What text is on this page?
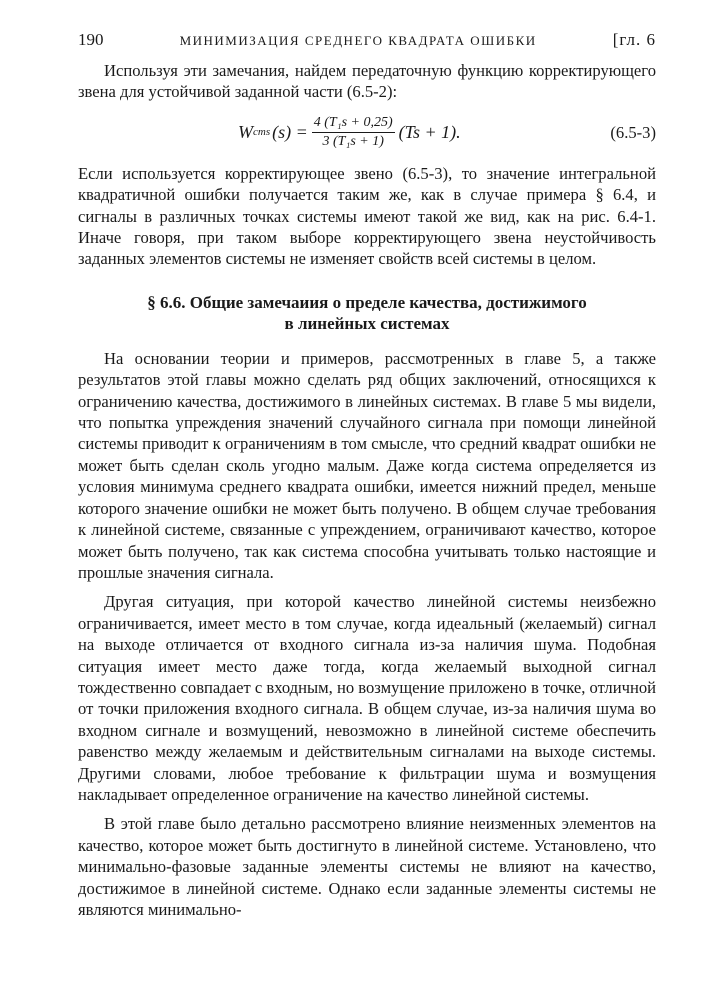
190	МИНИМИЗАЦИЯ СРЕДНЕГО КВАДРАТА ОШИБКИ	[гл. 6

Используя эти замечания, найдем передаточную функцию корректирующего звена для устойчивой заданной части (6.5-2):

W cms $(s) = \frac{\text{4 (T₁s + 0,25)}}{\text{3 (T₁s + 1)}} (Ts + 1)$.	(6.5-3)

Если используется корректирующее звено (6.5-3), то значение интегральной квадратичной ошибки получается таким же, как в случае примера § 6.4, и сигналы в различных точках системы имеют такой же вид, как на рис. 6.4-1. Иначе говоря, при таком выборе корректирующего звена неустойчивость заданных элементов системы не изменяет свойств всей системы в целом.

§ 6.6. Общие замечаиия о пределе качества, достижимого
в линейных системах

На основании теории и примеров, рассмотренных в главе 5, а также результатов этой главы можно сделать ряд общих заключений, относящихся к ограничению качества, достижимого в линейных системах. В главе 5 мы видели, что попытка упреждения значений случайного сигнала при помощи линейной системы приводит к ограничениям в том смысле, что средний квадрат ошибки не может быть сделан сколь угодно малым. Даже когда система определяется из условия минимума среднего квадрата ошибки, имеется нижний предел, меньше которого значение ошибки не может быть получено. В общем случае требования к линейной системе, связанные с упреждением, ограничивают качество, которое может быть получено, так как система способна учитывать только настоящие и прошлые значения сигнала.

Другая ситуация, при которой качество линейной системы неизбежно ограничивается, имеет место в том случае, когда идеальный (желаемый) сигнал на выходе отличается от входного сигнала из-за наличия шума. Подобная ситуация имеет место даже тогда, когда желаемый выходной сигнал тождественно совпадает с входным, но возмущение приложено в точке, отличной от точки приложения входного сигнала. В общем случае, из-за наличия шума во входном сигнале и возмущений, невозможно в линейной системе обеспечить равенство между желаемым и действительным сигналами на выходе системы. Другими словами, любое требование к фильтрации шума и возмущения накладывает определенное ограничение на качество линейной системы.

В этой главе было детально рассмотрено влияние неизменных элементов на качество, которое может быть достигнуто в линейной системе. Установлено, что минимально-фазовые заданные элементы системы не влияют на качество, достижимое в линейной системе. Однако если заданные элементы системы не являются минимально-
